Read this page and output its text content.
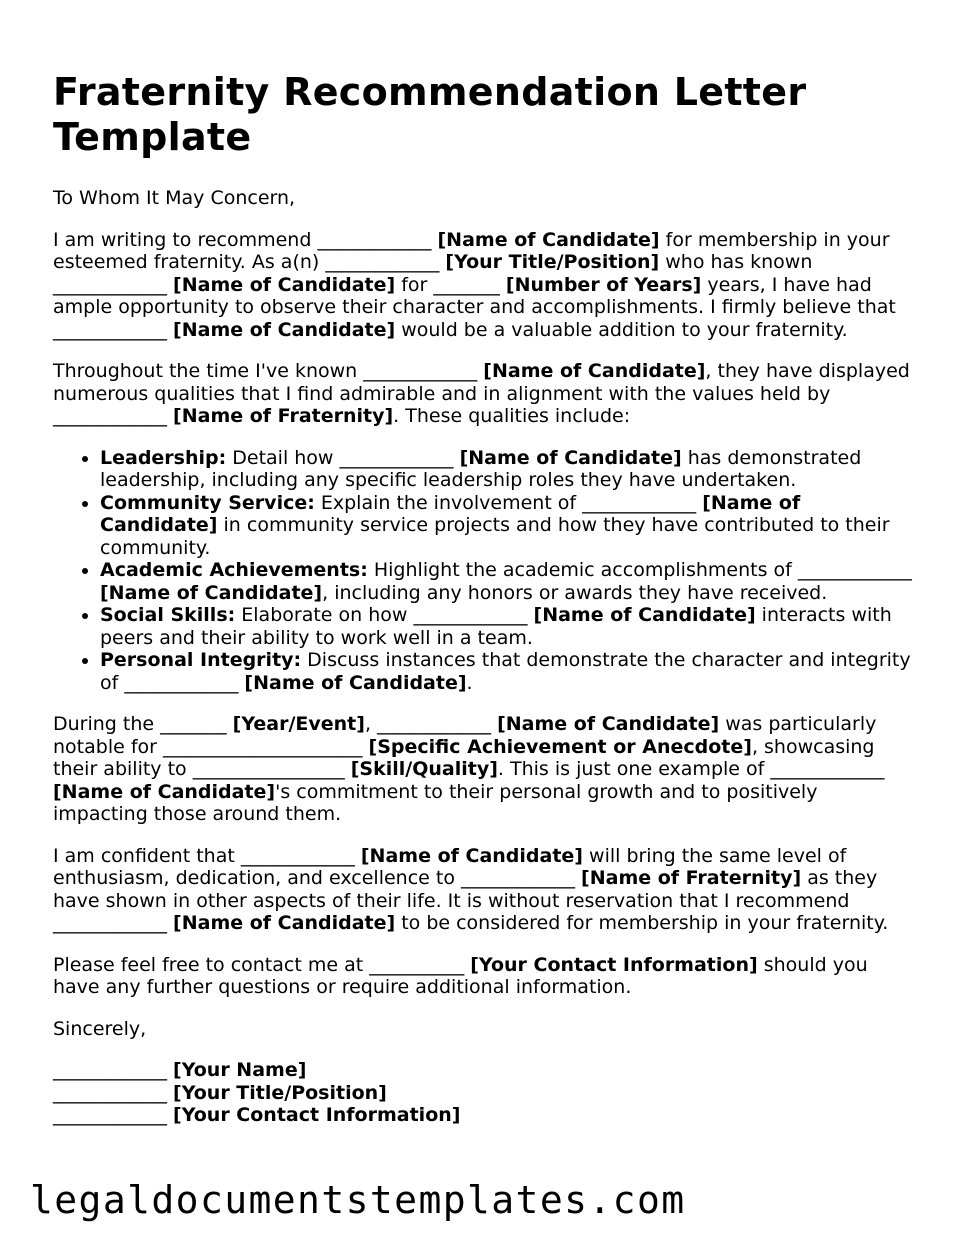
Fraternity Recommendation Letter Template

To Whom It May Concern,

I am writing to recommend ____________ [Name of Candidate] for membership in your esteemed fraternity. As a(n) ____________ [Your Title/Position] who has known ____________ [Name of Candidate] for _______ [Number of Years] years, I have had ample opportunity to observe their character and accomplishments. I firmly believe that ____________ [Name of Candidate] would be a valuable addition to your fraternity.

Throughout the time I've known ____________ [Name of Candidate], they have displayed numerous qualities that I find admirable and in alignment with the values held by ____________ [Name of Fraternity]. These qualities include:

• Leadership: Detail how ____________ [Name of Candidate] has demonstrated leadership, including any specific leadership roles they have undertaken.
• Community Service: Explain the involvement of ____________ [Name of Candidate] in community service projects and how they have contributed to their community.
• Academic Achievements: Highlight the academic accomplishments of ____________ [Name of Candidate], including any honors or awards they have received.
• Social Skills: Elaborate on how ____________ [Name of Candidate] interacts with peers and their ability to work well in a team.
• Personal Integrity: Discuss instances that demonstrate the character and integrity of ____________ [Name of Candidate].

During the _______ [Year/Event], ____________ [Name of Candidate] was particularly notable for _____________________ [Specific Achievement or Anecdote], showcasing their ability to ________________ [Skill/Quality]. This is just one example of ____________ [Name of Candidate]'s commitment to their personal growth and to positively impacting those around them.

I am confident that ____________ [Name of Candidate] will bring the same level of enthusiasm, dedication, and excellence to ____________ [Name of Fraternity] as they have shown in other aspects of their life. It is without reservation that I recommend ____________ [Name of Candidate] to be considered for membership in your fraternity.

Please feel free to contact me at __________ [Your Contact Information] should you have any further questions or require additional information.

Sincerely,

____________ [Your Name]
____________ [Your Title/Position]
____________ [Your Contact Information]
legaldocumentstemplates.com
